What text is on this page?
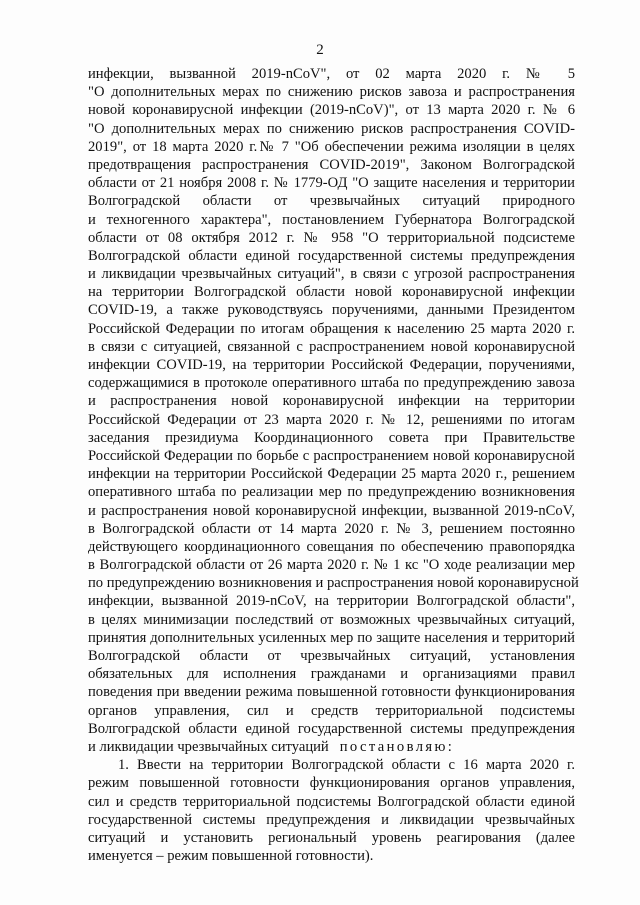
2
инфекции, вызванной 2019-nCoV", от 02 марта 2020 г. № 5
"О дополнительных мерах по снижению рисков завоза и распространения
новой коронавирусной инфекции (2019-nCoV)", от 13 марта 2020 г. № 6
"О дополнительных мерах по снижению рисков распространения COVID-
2019", от 18 марта 2020 г.№ 7 "Об обеспечении режима изоляции в целях
предотвращения распространения COVID-2019", Законом Волгоградской
области от 21 ноября 2008 г. № 1779-ОД "О защите населения и территории
Волгоградской области от чрезвычайных ситуаций природного
и техногенного характера", постановлением Губернатора Волгоградской
области от 08 октября 2012 г. № 958 "О территориальной подсистеме
Волгоградской области единой государственной системы предупреждения
и ликвидации чрезвычайных ситуаций", в связи с угрозой распространения
на территории Волгоградской области новой коронавирусной инфекции
COVID-19, а также руководствуясь поручениями, данными Президентом
Российской Федерации по итогам обращения к населению 25 марта 2020 г.
в связи с ситуацией, связанной с распространением новой коронавирусной
инфекции COVID-19, на территории Российской Федерации, поручениями,
содержащимися в протоколе оперативного штаба по предупреждению завоза
и распространения новой коронавирусной инфекции на территории
Российской Федерации от 23 марта 2020 г. № 12, решениями по итогам
заседания президиума Координационного совета при Правительстве
Российской Федерации по борьбе с распространением новой коронавирусной
инфекции на территории Российской Федерации 25 марта 2020 г., решением
оперативного штаба по реализации мер по предупреждению возникновения
и распространения новой коронавирусной инфекции, вызванной 2019-nCoV,
в Волгоградской области от 14 марта 2020 г. № 3, решением постоянно
действующего координационного совещания по обеспечению правопорядка
в Волгоградской области от 26 марта 2020 г. № 1 кс "О ходе реализации мер
по предупреждению возникновения и распространения новой коронавирусной
инфекции, вызванной 2019-nCoV, на территории Волгоградской области",
в целях минимизации последствий от возможных чрезвычайных ситуаций,
принятия дополнительных усиленных мер по защите населения и территорий
Волгоградской области от чрезвычайных ситуаций, установления
обязательных для исполнения гражданами и организациями правил
поведения при введении режима повышенной готовности функционирования
органов управления, сил и средств территориальной подсистемы
Волгоградской области единой государственной системы предупреждения
и ликвидации чрезвычайных ситуаций постановляю:
1. Ввести на территории Волгоградской области с 16 марта 2020 г.
режим повышенной готовности функционирования органов управления,
сил и средств территориальной подсистемы Волгоградской области единой
государственной системы предупреждения и ликвидации чрезвычайных
ситуаций и установить региональный уровень реагирования (далее
именуется – режим повышенной готовности).
